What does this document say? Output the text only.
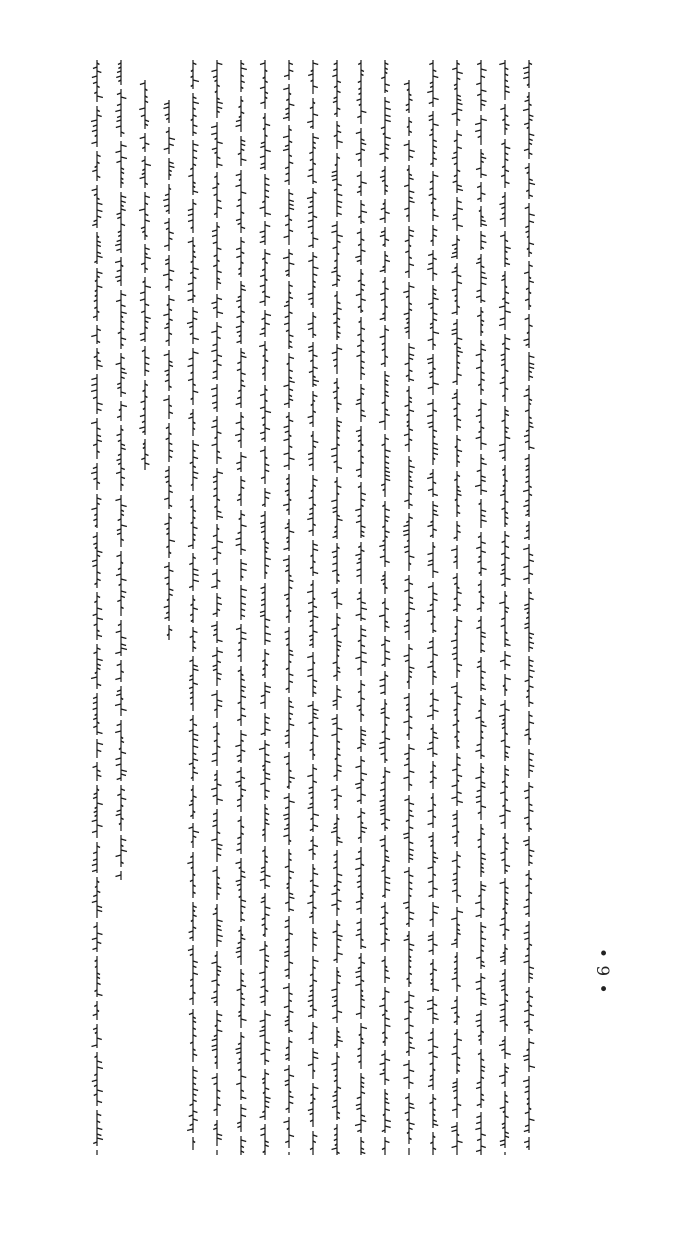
• 9 •
